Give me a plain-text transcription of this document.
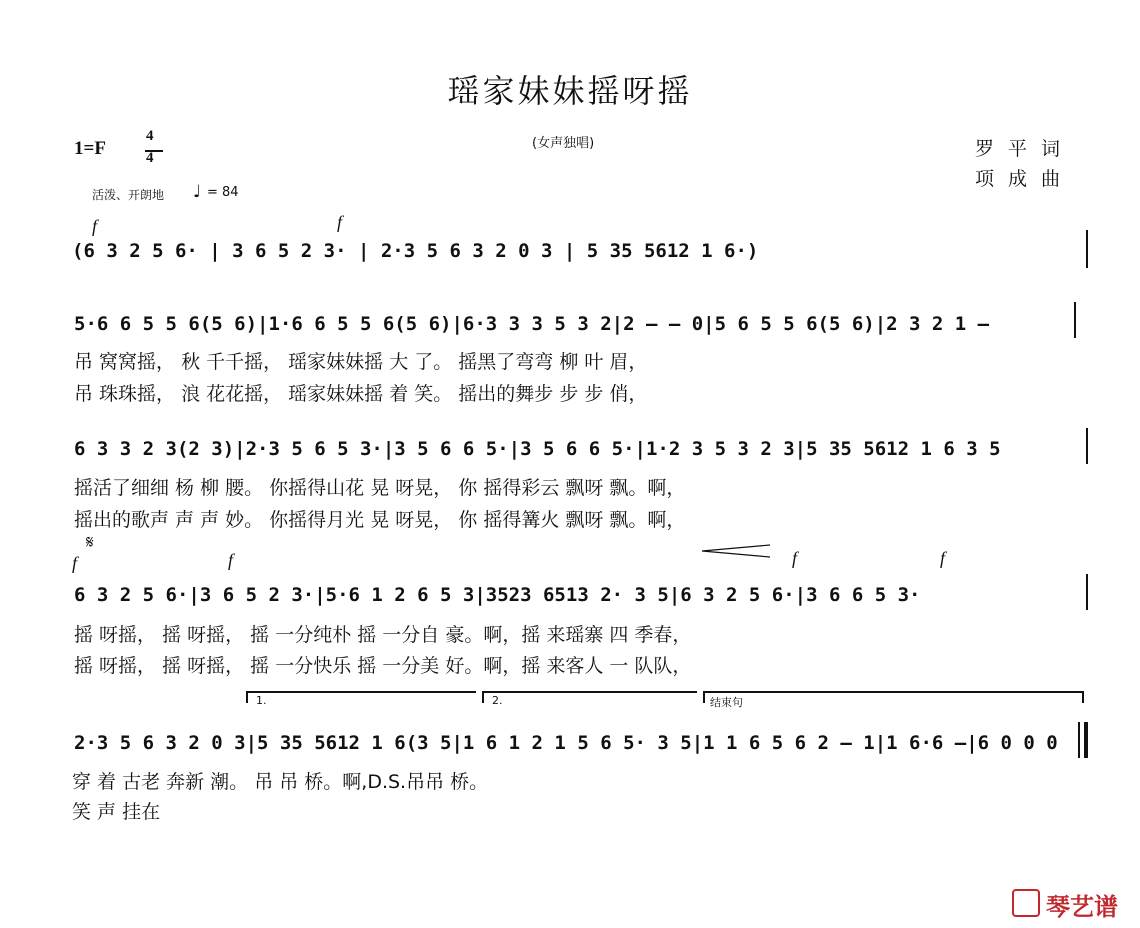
瑶家妹妹摇呀摇
(女声独唱)	罗平词
项成曲
1=F
4
4
活泼、开朗地 ♩ = 84
f	f
(6 3 2 5 6· | 3 6 5 2 3· | 2·3 5 6 3 2 0 3 | 5 35 5612 1 6·)
5·6 6 5 5 6(5 6)|1·6 6 5 5 6(5 6)|6·3 3 3 5 3 2|2 – – 0|5 6 5 5 6(5 6)|2 3 2 1 –
吊 窝窝摇， 秋 千千摇， 瑶家妹妹摇 大 了。 摇黑了弯弯 柳 叶 眉，
吊 珠珠摇， 浪 花花摇， 瑶家妹妹摇 着 笑。 摇出的舞步 步 步 俏，
6 3 3 2 3(2 3)|2·3 5 6 5 3·|3 5 6 6 5·|3 5 6 6 5·|1·2 3 5 3 2 3|5 35 5612 1 6 3 5
摇活了细细 杨 柳 腰。 你摇得山花 晃 呀晃， 你 摇得彩云 飘呀 飘。啊，
摇出的歌声 声 声 妙。 你摇得月光 晃 呀晃， 你 摇得篝火 飘呀 飘。啊，
𝄋
f	f	f	f
6 3 2 5 6·|3 6 5 2 3·|5·6 1 2 6 5 3|3523 6513 2· 3 5|6 3 2 5 6·|3 6 6 5 3·
摇 呀摇， 摇 呀摇， 摇 一分纯朴 摇 一分自 豪。啊，摇 来瑶寨 四 季春，
摇 呀摇， 摇 呀摇， 摇 一分快乐 摇 一分美 好。啊，摇 来客人 一 队队，
1.	2.	结束句
2·3 5 6 3 2 0 3|5 35 5612 1 6(3 5|1 6 1 2 1 5 6 5· 3 5|1 1 6 5 6 2 – 1|1 6·6 –|6 0 0 0
穿 着 古老 奔新 潮。 吊 吊 桥。啊,D.S.吊吊 桥。
笑 声 挂在
琴艺谱
